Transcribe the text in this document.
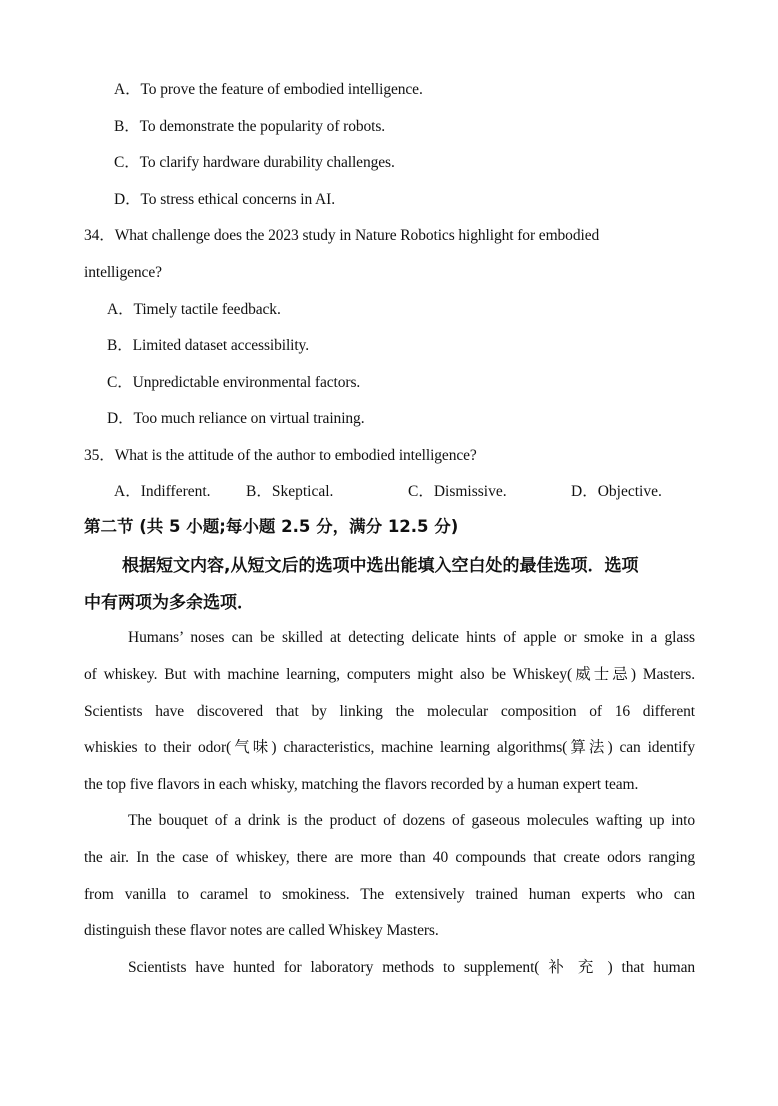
A．To prove the feature of embodied intelligence.
B．To demonstrate the popularity of robots.
C．To clarify hardware durability challenges.
D．To stress ethical concerns in AI.
34．What challenge does the 2023 study in Nature Robotics highlight for embodied
intelligence?
A．Timely tactile feedback.
B．Limited dataset accessibility.
C．Unpredictable environmental factors.
D．Too much reliance on virtual training.
35．What is the attitude of the author to embodied intelligence?
A．Indifferent. B．Skeptical.	C．Dismissive.	D．Objective.
第二节 (共 5 小题;每小题 2.5 分，满分 12.5 分)
根据短文内容,从短文后的选项中选出能填入空白处的最佳选项．选项
中有两项为多余选项．
Humans’ noses can be skilled at detecting delicate hints of apple or smoke in a glass
of whiskey. But with machine learning, computers might also be Whiskey(威士忌) Masters.
Scientists have discovered that by linking the molecular composition of 16 different
whiskies to their odor(气味) characteristics, machine learning algorithms(算法) can identify
the top five flavors in each whisky, matching the flavors recorded by a human expert team.
The bouquet of a drink is the product of dozens of gaseous molecules wafting up into
the air. In the case of whiskey, there are more than 40 compounds that create odors ranging
from vanilla to caramel to smokiness. The extensively trained human experts who can
distinguish these flavor notes are called Whiskey Masters.
Scientists have hunted for laboratory methods to supplement( 补 充 ) that human
